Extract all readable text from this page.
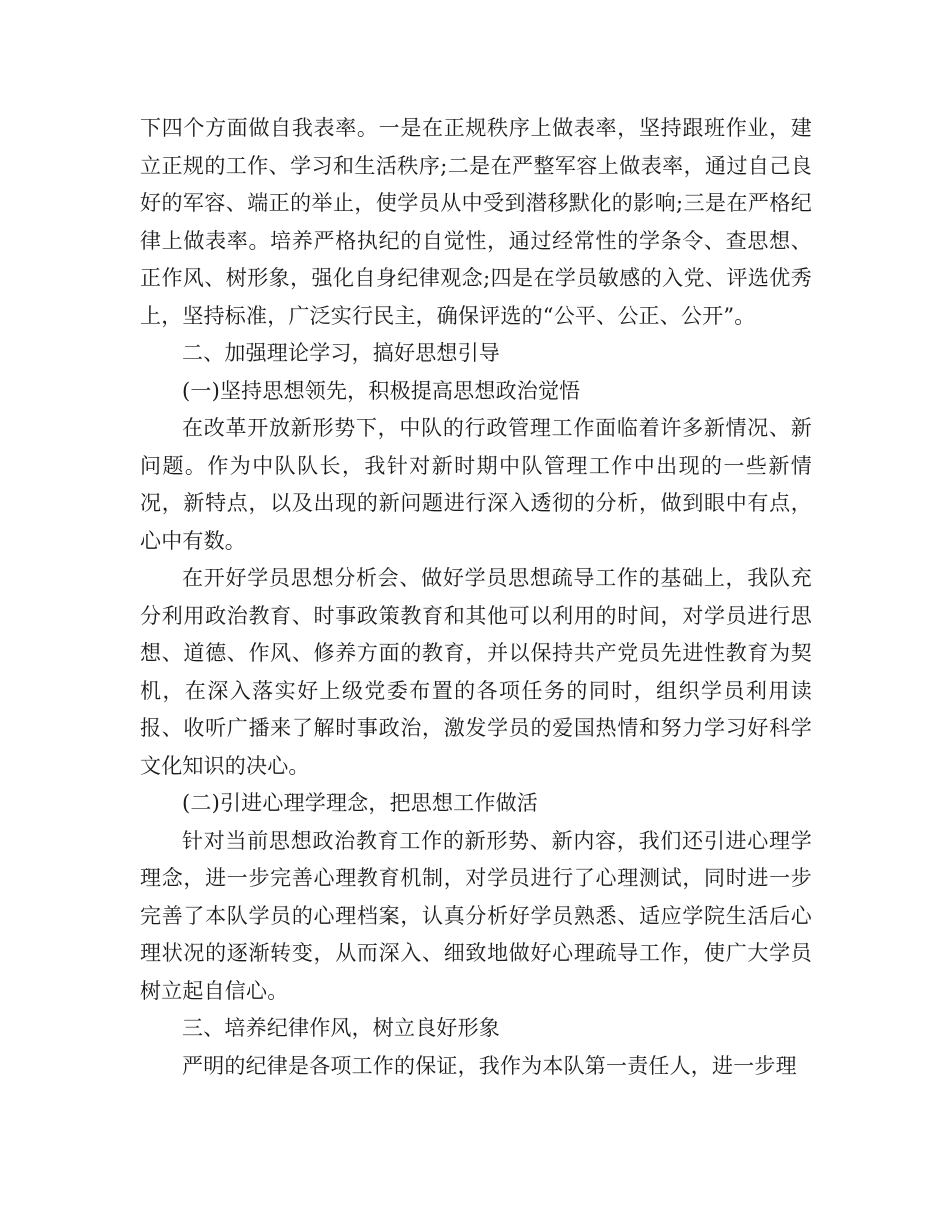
下四个方面做自我表率。一是在正规秩序上做表率，坚持跟班作业，建立正规的工作、学习和生活秩序;二是在严整军容上做表率，通过自己良好的军容、端正的举止，使学员从中受到潜移默化的影响;三是在严格纪律上做表率。培养严格执纪的自觉性，通过经常性的学条令、查思想、正作风、树形象，强化自身纪律观念;四是在学员敏感的入党、评选优秀上，坚持标准，广泛实行民主，确保评选的“公平、公正、公开”。

二、加强理论学习，搞好思想引导

(一)坚持思想领先，积极提高思想政治觉悟

在改革开放新形势下，中队的行政管理工作面临着许多新情况、新问题。作为中队队长，我针对新时期中队管理工作中出现的一些新情况，新特点，以及出现的新问题进行深入透彻的分析，做到眼中有点，心中有数。

在开好学员思想分析会、做好学员思想疏导工作的基础上，我队充分利用政治教育、时事政策教育和其他可以利用的时间，对学员进行思想、道德、作风、修养方面的教育，并以保持共产党员先进性教育为契机，在深入落实好上级党委布置的各项任务的同时，组织学员利用读报、收听广播来了解时事政治，激发学员的爱国热情和努力学习好科学文化知识的决心。

(二)引进心理学理念，把思想工作做活

针对当前思想政治教育工作的新形势、新内容，我们还引进心理学理念，进一步完善心理教育机制，对学员进行了心理测试，同时进一步完善了本队学员的心理档案，认真分析好学员熟悉、适应学院生活后心理状况的逐渐转变，从而深入、细致地做好心理疏导工作，使广大学员树立起自信心。

三、培养纪律作风，树立良好形象

严明的纪律是各项工作的保证，我作为本队第一责任人，进一步理
